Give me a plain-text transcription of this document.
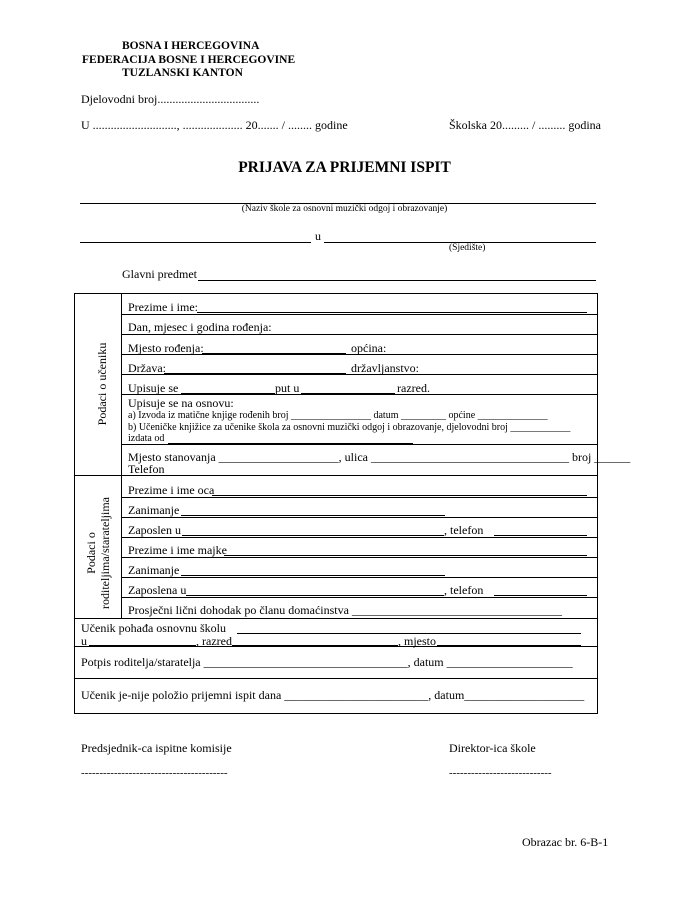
BOSNA I HERCEGOVINA
FEDERACIJA BOSNE I HERCEGOVINE
TUZLANSKI KANTON
Djelovodni broj..................................
U ............................, .................... 20....... / ........ godine	Školska 20......... / ......... godina
PRIJAVA ZA PRIJEMNI ISPIT
(Naziv škole za osnovni muzički odgoj i obrazovanje)
u
(Sjedište)
Glavni predmet
Podaci o učeniku
Prezime i ime:
Dan, mjesec i godina rođenja:
Mjesto rođenja:	općina:
Država:	državljanstvo:
Upisuje se	put u	razred.
Upisuje se na osnovu:
a) Izvoda iz matične knjige rođenih broj ________________ datum _________ općine ______________
b) Učeničke knjižice za učenike škola za osnovni muzički odgoj i obrazovanje, djelovodni broj ____________
izdata od
Mjesto stanovanja ____________________, ulica _________________________________ broj ______
Telefon
Podaci o
roditeljima/starateljima
Prezime i ime oca
Zanimanje
Zaposlen u	, telefon
Prezime i ime majke
Zanimanje
Zaposlena u	, telefon
Prosječni lični dohodak po članu domaćinstva ___________________________________
Učenik pohađa osnovnu školu
u	, razred	, mjesto
Potpis roditelja/staratelja __________________________________, datum _____________________
Učenik je-nije položio prijemni ispit dana ________________________, datum____________________
Predsjednik-ca ispitne komisije
----------------------------------------
Direktor-ica škole
----------------------------
Obrazac br. 6-B-1
